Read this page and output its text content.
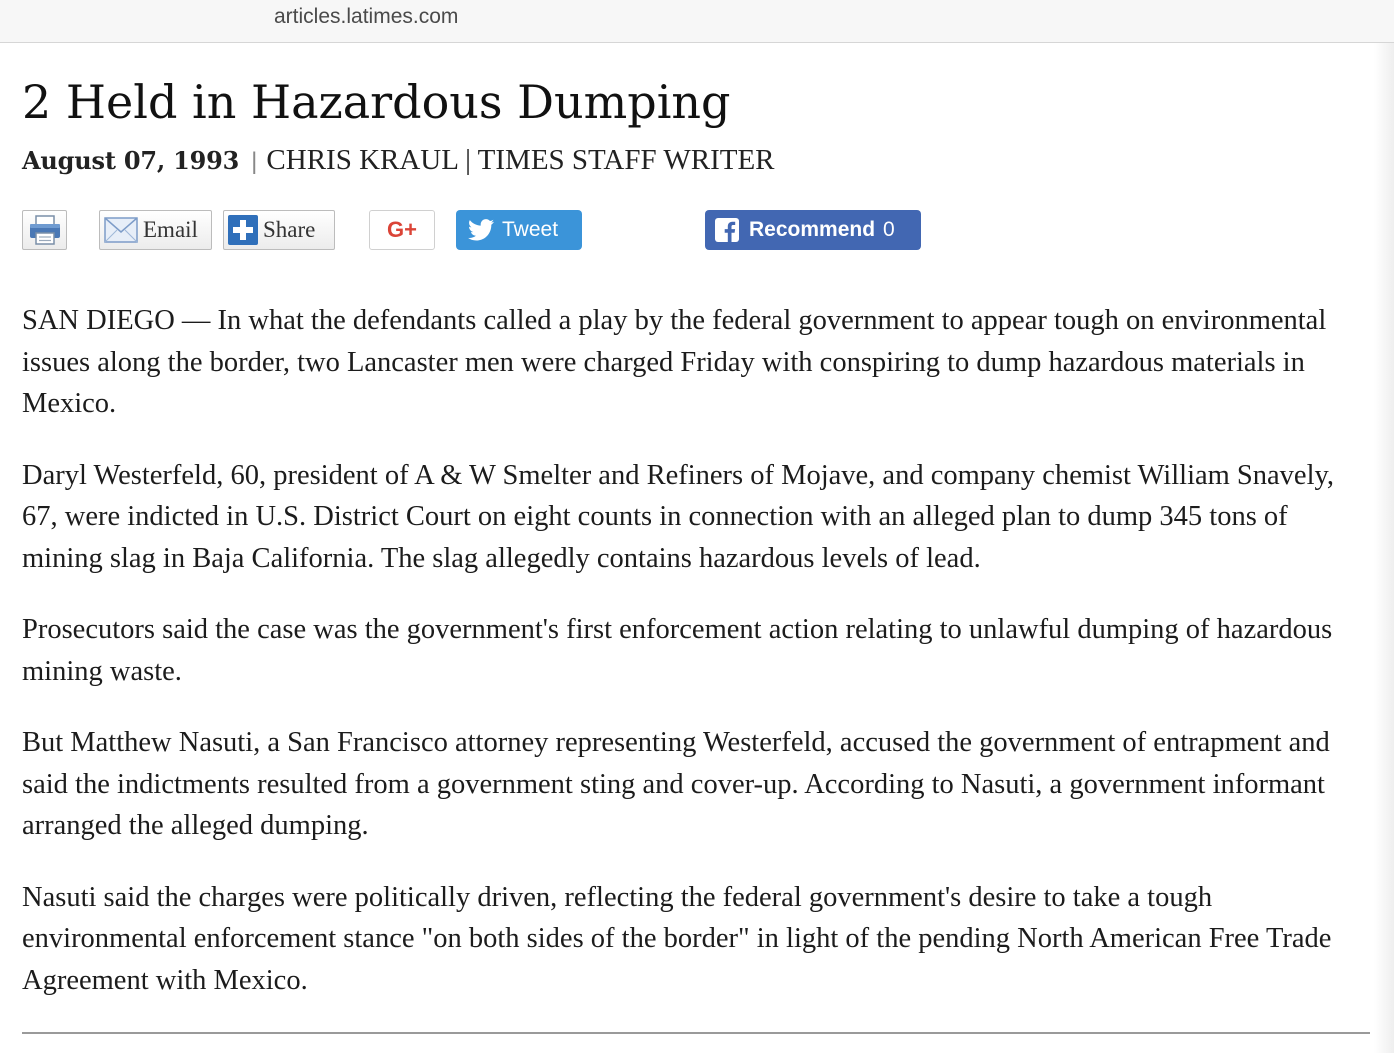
articles.latimes.com
2 Held in Hazardous Dumping
August 07, 1993 | CHRIS KRAUL | TIMES STAFF WRITER
Email	Share	G+	Tweet	Recommend 0

SAN DIEGO — In what the defendants called a play by the federal government to appear tough on environmental issues along the border, two Lancaster men were charged Friday with conspiring to dump hazardous materials in Mexico.

Daryl Westerfeld, 60, president of A & W Smelter and Refiners of Mojave, and company chemist William Snavely, 67, were indicted in U.S. District Court on eight counts in connection with an alleged plan to dump 345 tons of mining slag in Baja California. The slag allegedly contains hazardous levels of lead.

Prosecutors said the case was the government's first enforcement action relating to unlawful dumping of hazardous mining waste.

But Matthew Nasuti, a San Francisco attorney representing Westerfeld, accused the government of entrapment and said the indictments resulted from a government sting and cover-up. According to Nasuti, a government informant arranged the alleged dumping.

Nasuti said the charges were politically driven, reflecting the federal government's desire to take a tough environmental enforcement stance "on both sides of the border" in light of the pending North American Free Trade Agreement with Mexico.
